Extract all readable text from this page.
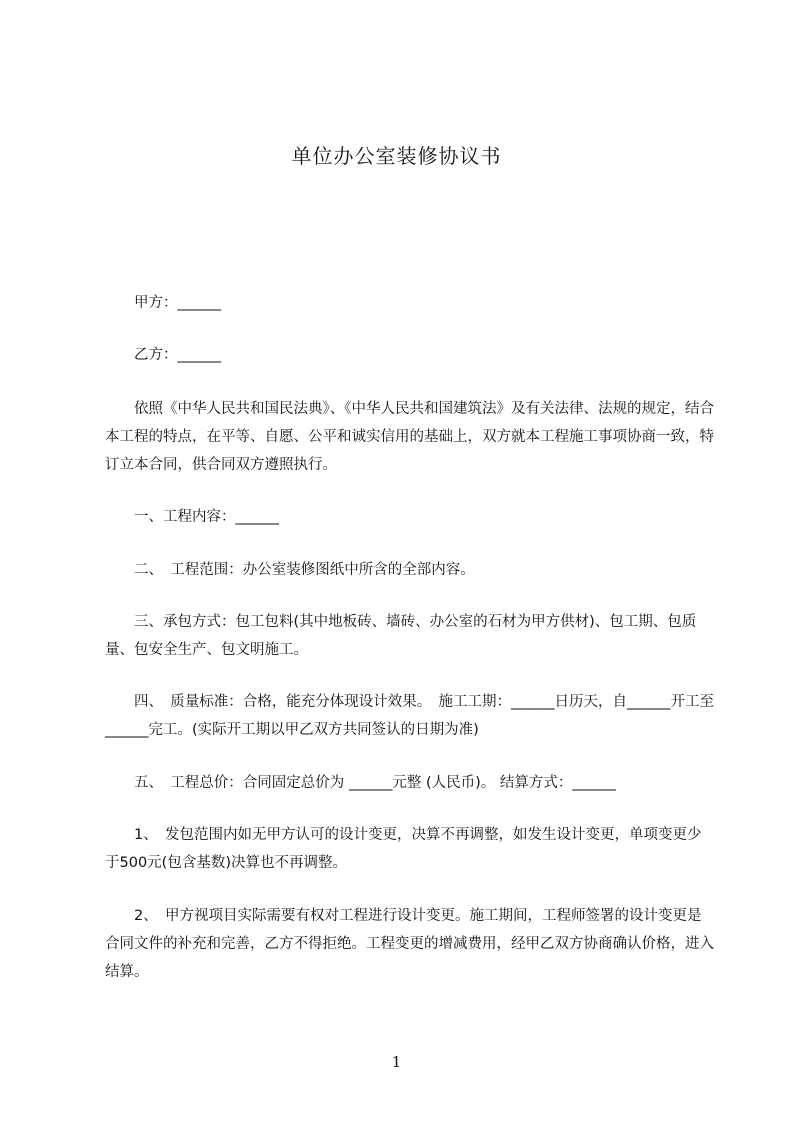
单位办公室装修协议书
　　甲方：______
　　乙方：______
　　依照《中华人民共和国民法典》、《中华人民共和国建筑法》及有关法律、法规的规定，结合本工程的特点，在平等、自愿、公平和诚实信用的基础上，双方就本工程施工事项协商一致，特订立本合同，供合同双方遵照执行。
　　一、工程内容：______
　　二、　工程范围：办公室装修图纸中所含的全部内容。
　　三、承包方式：包工包料(其中地板砖、墙砖、办公室的石材为甲方供材)、包工期、包质量、包安全生产、包文明施工。
　　四、　质量标准：合格，能充分体现设计效果。　施工工期：______日历天，自______开工至______完工。(实际开工期以甲乙双方共同签认的日期为准)
　　五、　工程总价：合同固定总价为 ______元整 (人民币)。 结算方式：______
　　1、　发包范围内如无甲方认可的设计变更，决算不再调整，如发生设计变更，单项变更少于500元(包含基数)决算也不再调整。
　　2、　甲方视项目实际需要有权对工程进行设计变更。施工期间，工程师签署的设计变更是合同文件的补充和完善，乙方不得拒绝。工程变更的增减费用，经甲乙双方协商确认价格，进入结算。
1
